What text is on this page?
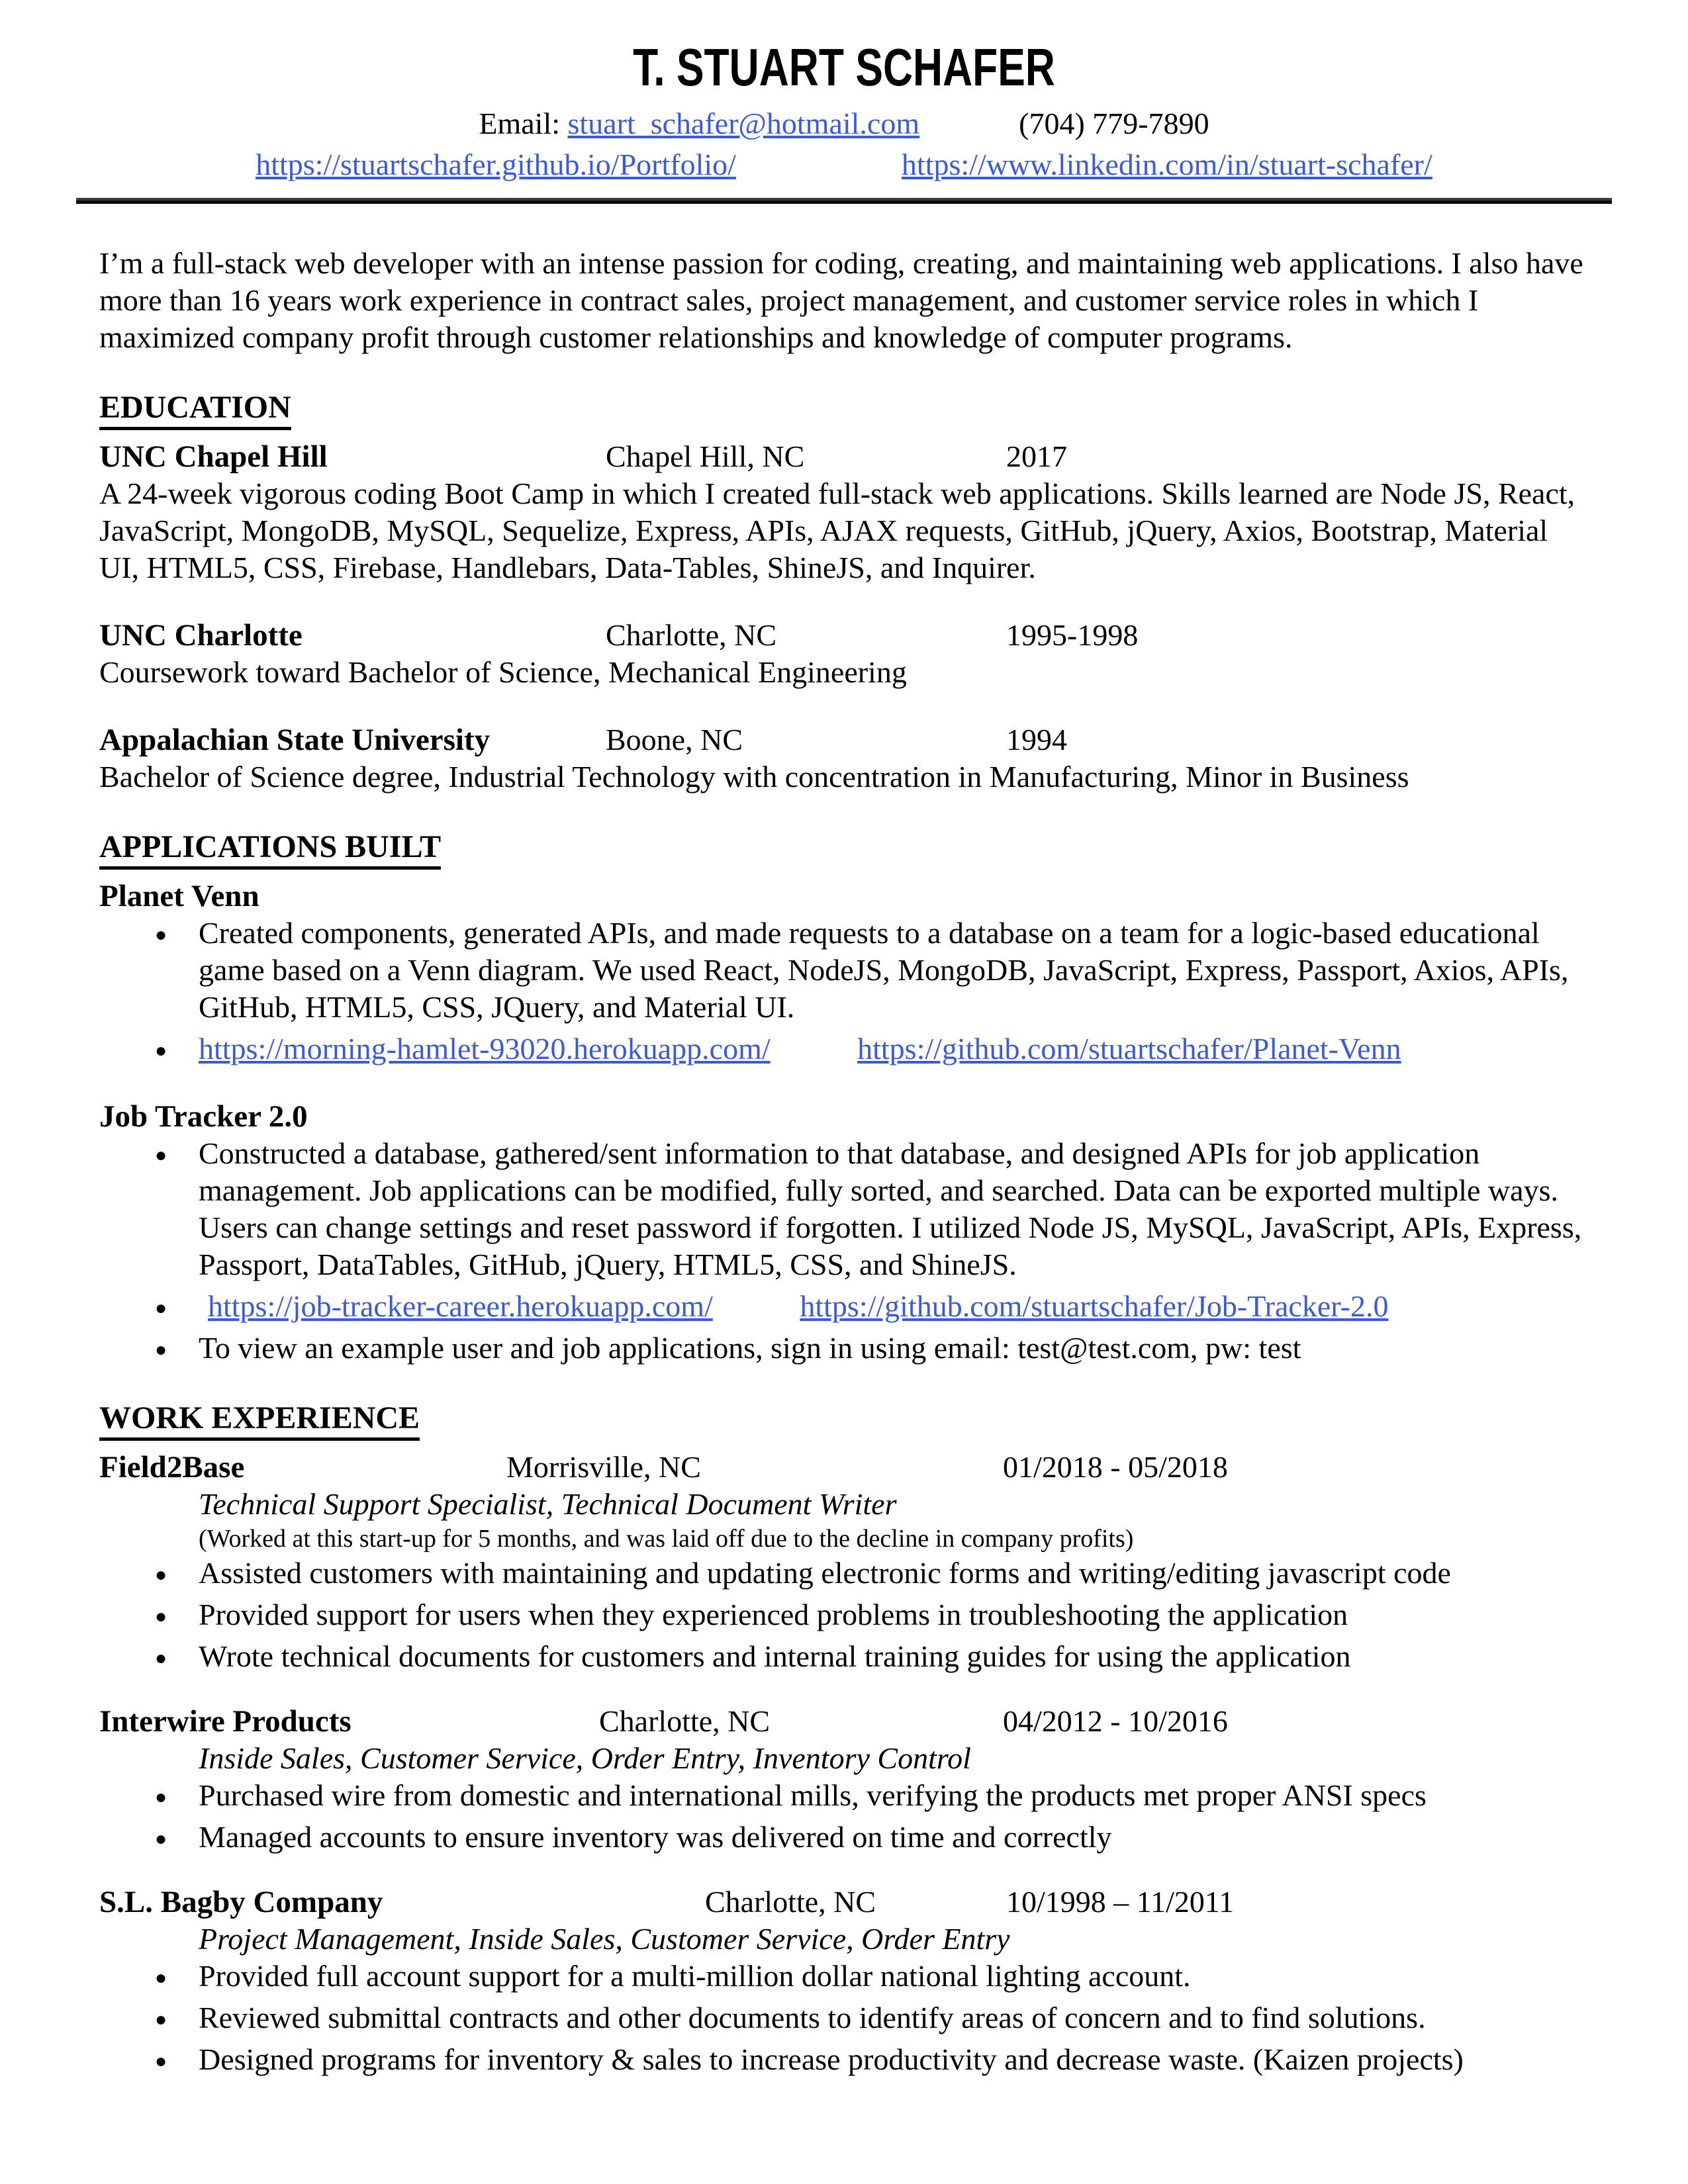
T. STUART SCHAFER
Email: stuart_schafer@hotmail.com	(704) 779-7890
https://stuartschafer.github.io/Portfolio/	https://www.linkedin.com/in/stuart-schafer/

I’m a full-stack web developer with an intense passion for coding, creating, and maintaining web applications. I also have more than 16 years work experience in contract sales, project management, and customer service roles in which I maximized company profit through customer relationships and knowledge of computer programs.

EDUCATION
UNC Chapel Hill	Chapel Hill, NC	2017

A 24-week vigorous coding Boot Camp in which I created full-stack web applications. Skills learned are Node JS, React, JavaScript, MongoDB, MySQL, Sequelize, Express, APIs, AJAX requests, GitHub, jQuery, Axios, Bootstrap, Material UI, HTML5, CSS, Firebase, Handlebars, Data-Tables, ShineJS, and Inquirer.

UNC Charlotte	Charlotte, NC	1995-1998

Coursework toward Bachelor of Science, Mechanical Engineering

Appalachian State University	Boone, NC	1994

Bachelor of Science degree, Industrial Technology with concentration in Manufacturing, Minor in Business

APPLICATIONS BUILT
Planet Venn
● Created components, generated APIs, and made requests to a database on a team for a logic-based educational game based on a Venn diagram. We used React, NodeJS, MongoDB, JavaScript, Express, Passport, Axios, APIs, GitHub, HTML5, CSS, JQuery, and Material UI.
● https://morning-hamlet-93020.herokuapp.com/	https://github.com/stuartschafer/Planet-Venn
Job Tracker 2.0
● Constructed a database, gathered/sent information to that database, and designed APIs for job application management. Job applications can be modified, fully sorted, and searched. Data can be exported multiple ways. Users can change settings and reset password if forgotten. I utilized Node JS, MySQL, JavaScript, APIs, Express, Passport, DataTables, GitHub, jQuery, HTML5, CSS, and ShineJS.
● https://job-tracker-career.herokuapp.com/	https://github.com/stuartschafer/Job-Tracker-2.0
● To view an example user and job applications, sign in using email: test@test.com, pw: test
WORK EXPERIENCE
Field2Base	Morrisville, NC	01/2018 - 05/2018
Technical Support Specialist, Technical Document Writer
(Worked at this start-up for 5 months, and was laid off due to the decline in company profits)
● Assisted customers with maintaining and updating electronic forms and writing/editing javascript code
● Provided support for users when they experienced problems in troubleshooting the application
● Wrote technical documents for customers and internal training guides for using the application
Interwire Products	Charlotte, NC	04/2012 - 10/2016
Inside Sales, Customer Service, Order Entry, Inventory Control
● Purchased wire from domestic and international mills, verifying the products met proper ANSI specs
● Managed accounts to ensure inventory was delivered on time and correctly
S.L. Bagby Company	Charlotte, NC	10/1998 – 11/2011
Project Management, Inside Sales, Customer Service, Order Entry
● Provided full account support for a multi-million dollar national lighting account.
● Reviewed submittal contracts and other documents to identify areas of concern and to find solutions.
● Designed programs for inventory & sales to increase productivity and decrease waste. (Kaizen projects)
